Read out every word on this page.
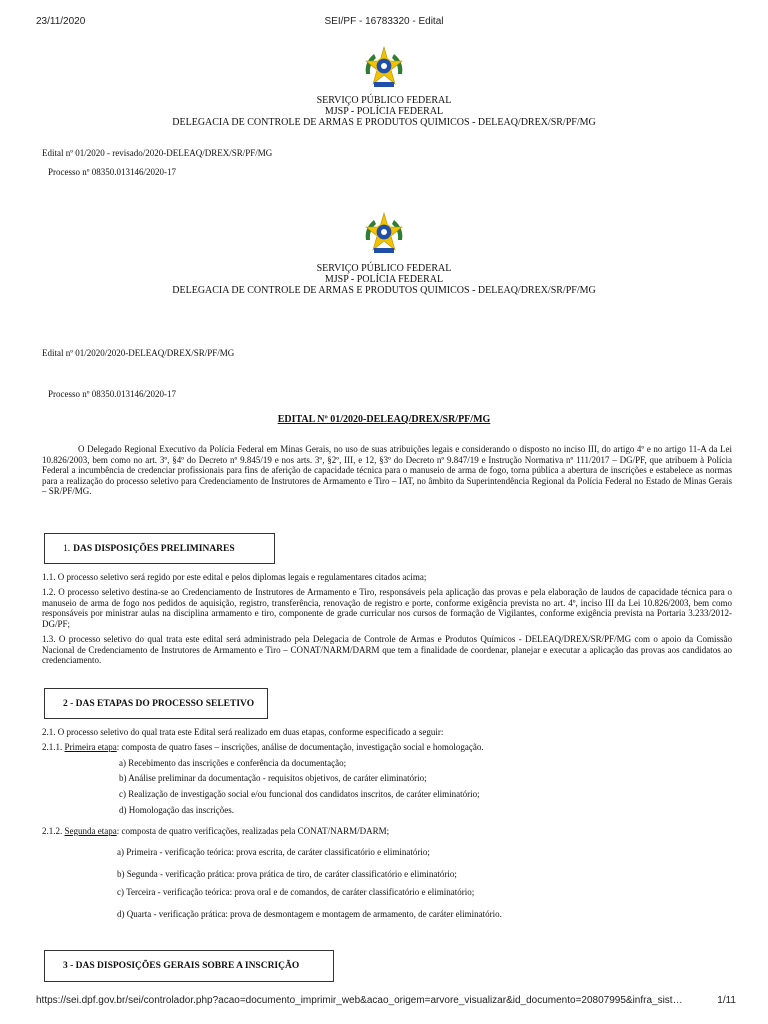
23/11/2020	SEI/PF - 16783320 - Edital
SERVIÇO PÚBLICO FEDERAL
MJSP - POLÍCIA FEDERAL
DELEGACIA DE CONTROLE DE ARMAS E PRODUTOS QUIMICOS - DELEAQ/DREX/SR/PF/MG
Edital nº 01/2020 - revisado/2020-DELEAQ/DREX/SR/PF/MG
Processo nº 08350.013146/2020-17
SERVIÇO PÚBLICO FEDERAL
MJSP - POLÍCIA FEDERAL
DELEGACIA DE CONTROLE DE ARMAS E PRODUTOS QUIMICOS - DELEAQ/DREX/SR/PF/MG
Edital nº 01/2020/2020-DELEAQ/DREX/SR/PF/MG
Processo nº 08350.013146/2020-17
EDITAL Nº 01/2020-DELEAQ/DREX/SR/PF/MG
O Delegado Regional Executivo da Polícia Federal em Minas Gerais, no uso de suas atribuições legais e considerando o disposto no inciso III, do artigo 4º e no artigo 11-A da Lei 10.826/2003, bem como no art. 3º, §4º do Decreto nº 9.845/19 e nos arts. 3º, §2º, III, e 12, §3º do Decreto nº 9.847/19 e Instrução Normativa nº 111/2017 – DG/PF, que atribuem à Polícia Federal a incumbência de credenciar profissionais para fins de aferição de capacidade técnica para o manuseio de arma de fogo, torna pública a abertura de inscrições e estabelece as normas para a realização do processo seletivo para Credenciamento de Instrutores de Armamento e Tiro – IAT, no âmbito da Superintendência Regional da Polícia Federal no Estado de Minas Gerais – SR/PF/MG.
1. DAS DISPOSIÇÕES PRELIMINARES
1.1. O processo seletivo será regido por este edital e pelos diplomas legais e regulamentares citados acima;
1.2. O processo seletivo destina-se ao Credenciamento de Instrutores de Armamento e Tiro, responsáveis pela aplicação das provas e pela elaboração de laudos de capacidade técnica para o manuseio de arma de fogo nos pedidos de aquisição, registro, transferência, renovação de registro e porte, conforme exigência prevista no art. 4º, inciso III da Lei 10.826/2003, bem como responsáveis por ministrar aulas na disciplina armamento e tiro, componente de grade curricular nos cursos de formação de Vigilantes, conforme exigência prevista na Portaria 3.233/2012-DG/PF;
1.3. O processo seletivo do qual trata este edital será administrado pela Delegacia de Controle de Armas e Produtos Químicos - DELEAQ/DREX/SR/PF/MG com o apoio da Comissão Nacional de Credenciamento de Instrutores de Armamento e Tiro – CONAT/NARM/DARM que tem a finalidade de coordenar, planejar e executar a aplicação das provas aos candidatos ao credenciamento.
2 - DAS ETAPAS DO PROCESSO SELETIVO
2.1. O processo seletivo do qual trata este Edital será realizado em duas etapas, conforme especificado a seguir:
2.1.1. Primeira etapa: composta de quatro fases – inscrições, análise de documentação, investigação social e homologação.
a) Recebimento das inscrições e conferência da documentação;
b) Análise preliminar da documentação - requisitos objetivos, de caráter eliminatório;
c) Realização de investigação social e/ou funcional dos candidatos inscritos, de caráter eliminatório;
d) Homologação das inscrições.
2.1.2. Segunda etapa: composta de quatro verificações, realizadas pela CONAT/NARM/DARM;
a) Primeira - verificação teórica: prova escrita, de caráter classificatório e eliminatório;
b) Segunda - verificação prática: prova prática de tiro, de caráter classificatório e eliminatório;
c) Terceira - verificação teórica: prova oral e de comandos, de caráter classificatório e eliminatório;
d) Quarta - verificação prática: prova de desmontagem e montagem de armamento, de caráter eliminatório.
3 - DAS DISPOSIÇÕES GERAIS SOBRE A INSCRIÇÃO
https://sei.dpf.gov.br/sei/controlador.php?acao=documento_imprimir_web&acao_origem=arvore_visualizar&id_documento=20807995&infra_sist…	1/11
